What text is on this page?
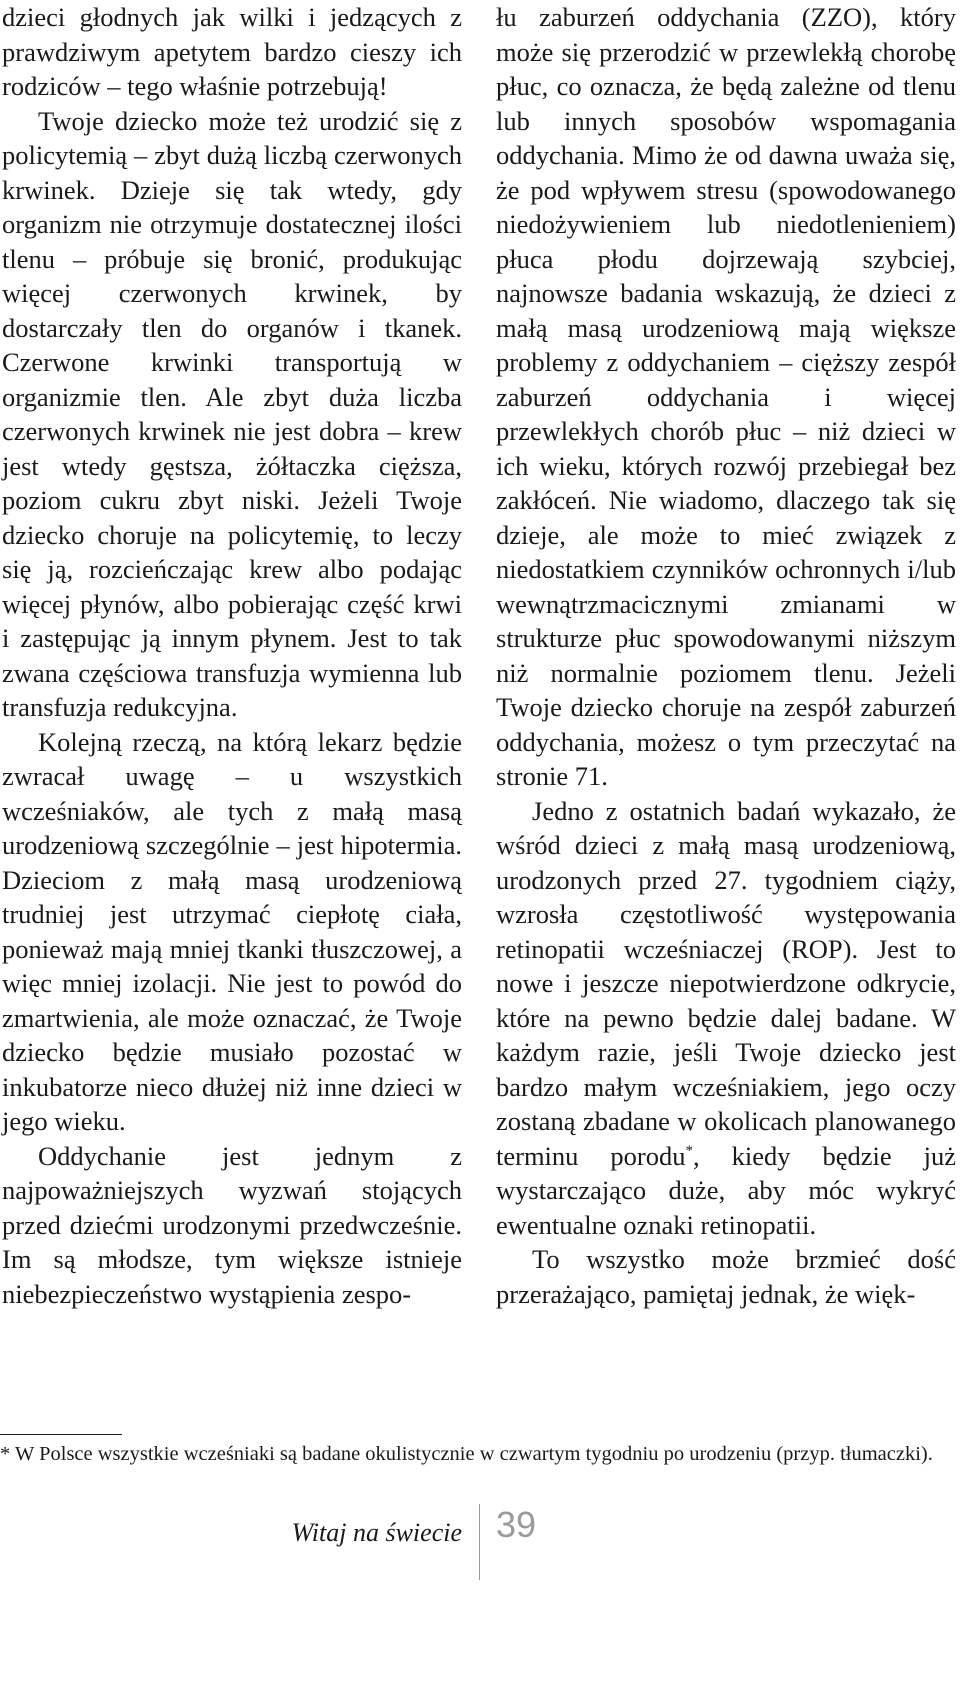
dzieci głodnych jak wilki i jedzących z prawdziwym apetytem bardzo cieszy ich rodziców – tego właśnie potrzebują!

Twoje dziecko może też urodzić się z policytemią – zbyt dużą liczbą czerwonych krwinek. Dzieje się tak wtedy, gdy organizm nie otrzymuje dostatecznej ilości tlenu – próbuje się bronić, produkując więcej czerwonych krwinek, by dostarczały tlen do organów i tkanek. Czerwone krwinki transportują w organizmie tlen. Ale zbyt duża liczba czerwonych krwinek nie jest dobra – krew jest wtedy gęstsza, żółtaczka cięższa, poziom cukru zbyt niski. Jeżeli Twoje dziecko choruje na policytemię, to leczy się ją, rozcieńczając krew albo podając więcej płynów, albo pobierając część krwi i zastępując ją innym płynem. Jest to tak zwana częściowa transfuzja wymienna lub transfuzja redukcyjna.

Kolejną rzeczą, na którą lekarz będzie zwracał uwagę – u wszystkich wcześniaków, ale tych z małą masą urodzeniową szczególnie – jest hipotermia. Dzieciom z małą masą urodzeniową trudniej jest utrzymać ciepłotę ciała, ponieważ mają mniej tkanki tłuszczowej, a więc mniej izolacji. Nie jest to powód do zmartwienia, ale może oznaczać, że Twoje dziecko będzie musiało pozostać w inkubatorze nieco dłużej niż inne dzieci w jego wieku.

Oddychanie jest jednym z najpoważniejszych wyzwań stojących przed dziećmi urodzonymi przedwcześnie. Im są młodsze, tym większe istnieje niebezpieczeństwo wystąpienia zespo-

łu zaburzeń oddychania (ZZO), który może się przerodzić w przewlekłą chorobę płuc, co oznacza, że będą zależne od tlenu lub innych sposobów wspomagania oddychania. Mimo że od dawna uważa się, że pod wpływem stresu (spowodowanego niedożywieniem lub niedotlenieniem) płuca płodu dojrzewają szybciej, najnowsze badania wskazują, że dzieci z małą masą urodzeniową mają większe problemy z oddychaniem – cięższy zespół zaburzeń oddychania i więcej przewlekłych chorób płuc – niż dzieci w ich wieku, których rozwój przebiegał bez zakłóceń. Nie wiadomo, dlaczego tak się dzieje, ale może to mieć związek z niedostatkiem czynników ochronnych i/lub wewnątrzmacicznymi zmianami w strukturze płuc spowodowanymi niższym niż normalnie poziomem tlenu. Jeżeli Twoje dziecko choruje na zespół zaburzeń oddychania, możesz o tym przeczytać na stronie 71.

Jedno z ostatnich badań wykazało, że wśród dzieci z małą masą urodzeniową, urodzonych przed 27. tygodniem ciąży, wzrosła częstotliwość występowania retinopatii wcześniaczej (ROP). Jest to nowe i jeszcze niepotwierdzone odkrycie, które na pewno będzie dalej badane. W każdym razie, jeśli Twoje dziecko jest bardzo małym wcześniakiem, jego oczy zostaną zbadane w okolicach planowanego terminu porodu*, kiedy będzie już wystarczająco duże, aby móc wykryć ewentualne oznaki retinopatii.

To wszystko może brzmieć dość przerażająco, pamiętaj jednak, że więk-

* W Polsce wszystkie wcześniaki są badane okulistycznie w czwartym tygodniu po urodzeniu (przyp. tłumaczki).
Witaj na świecie 39
